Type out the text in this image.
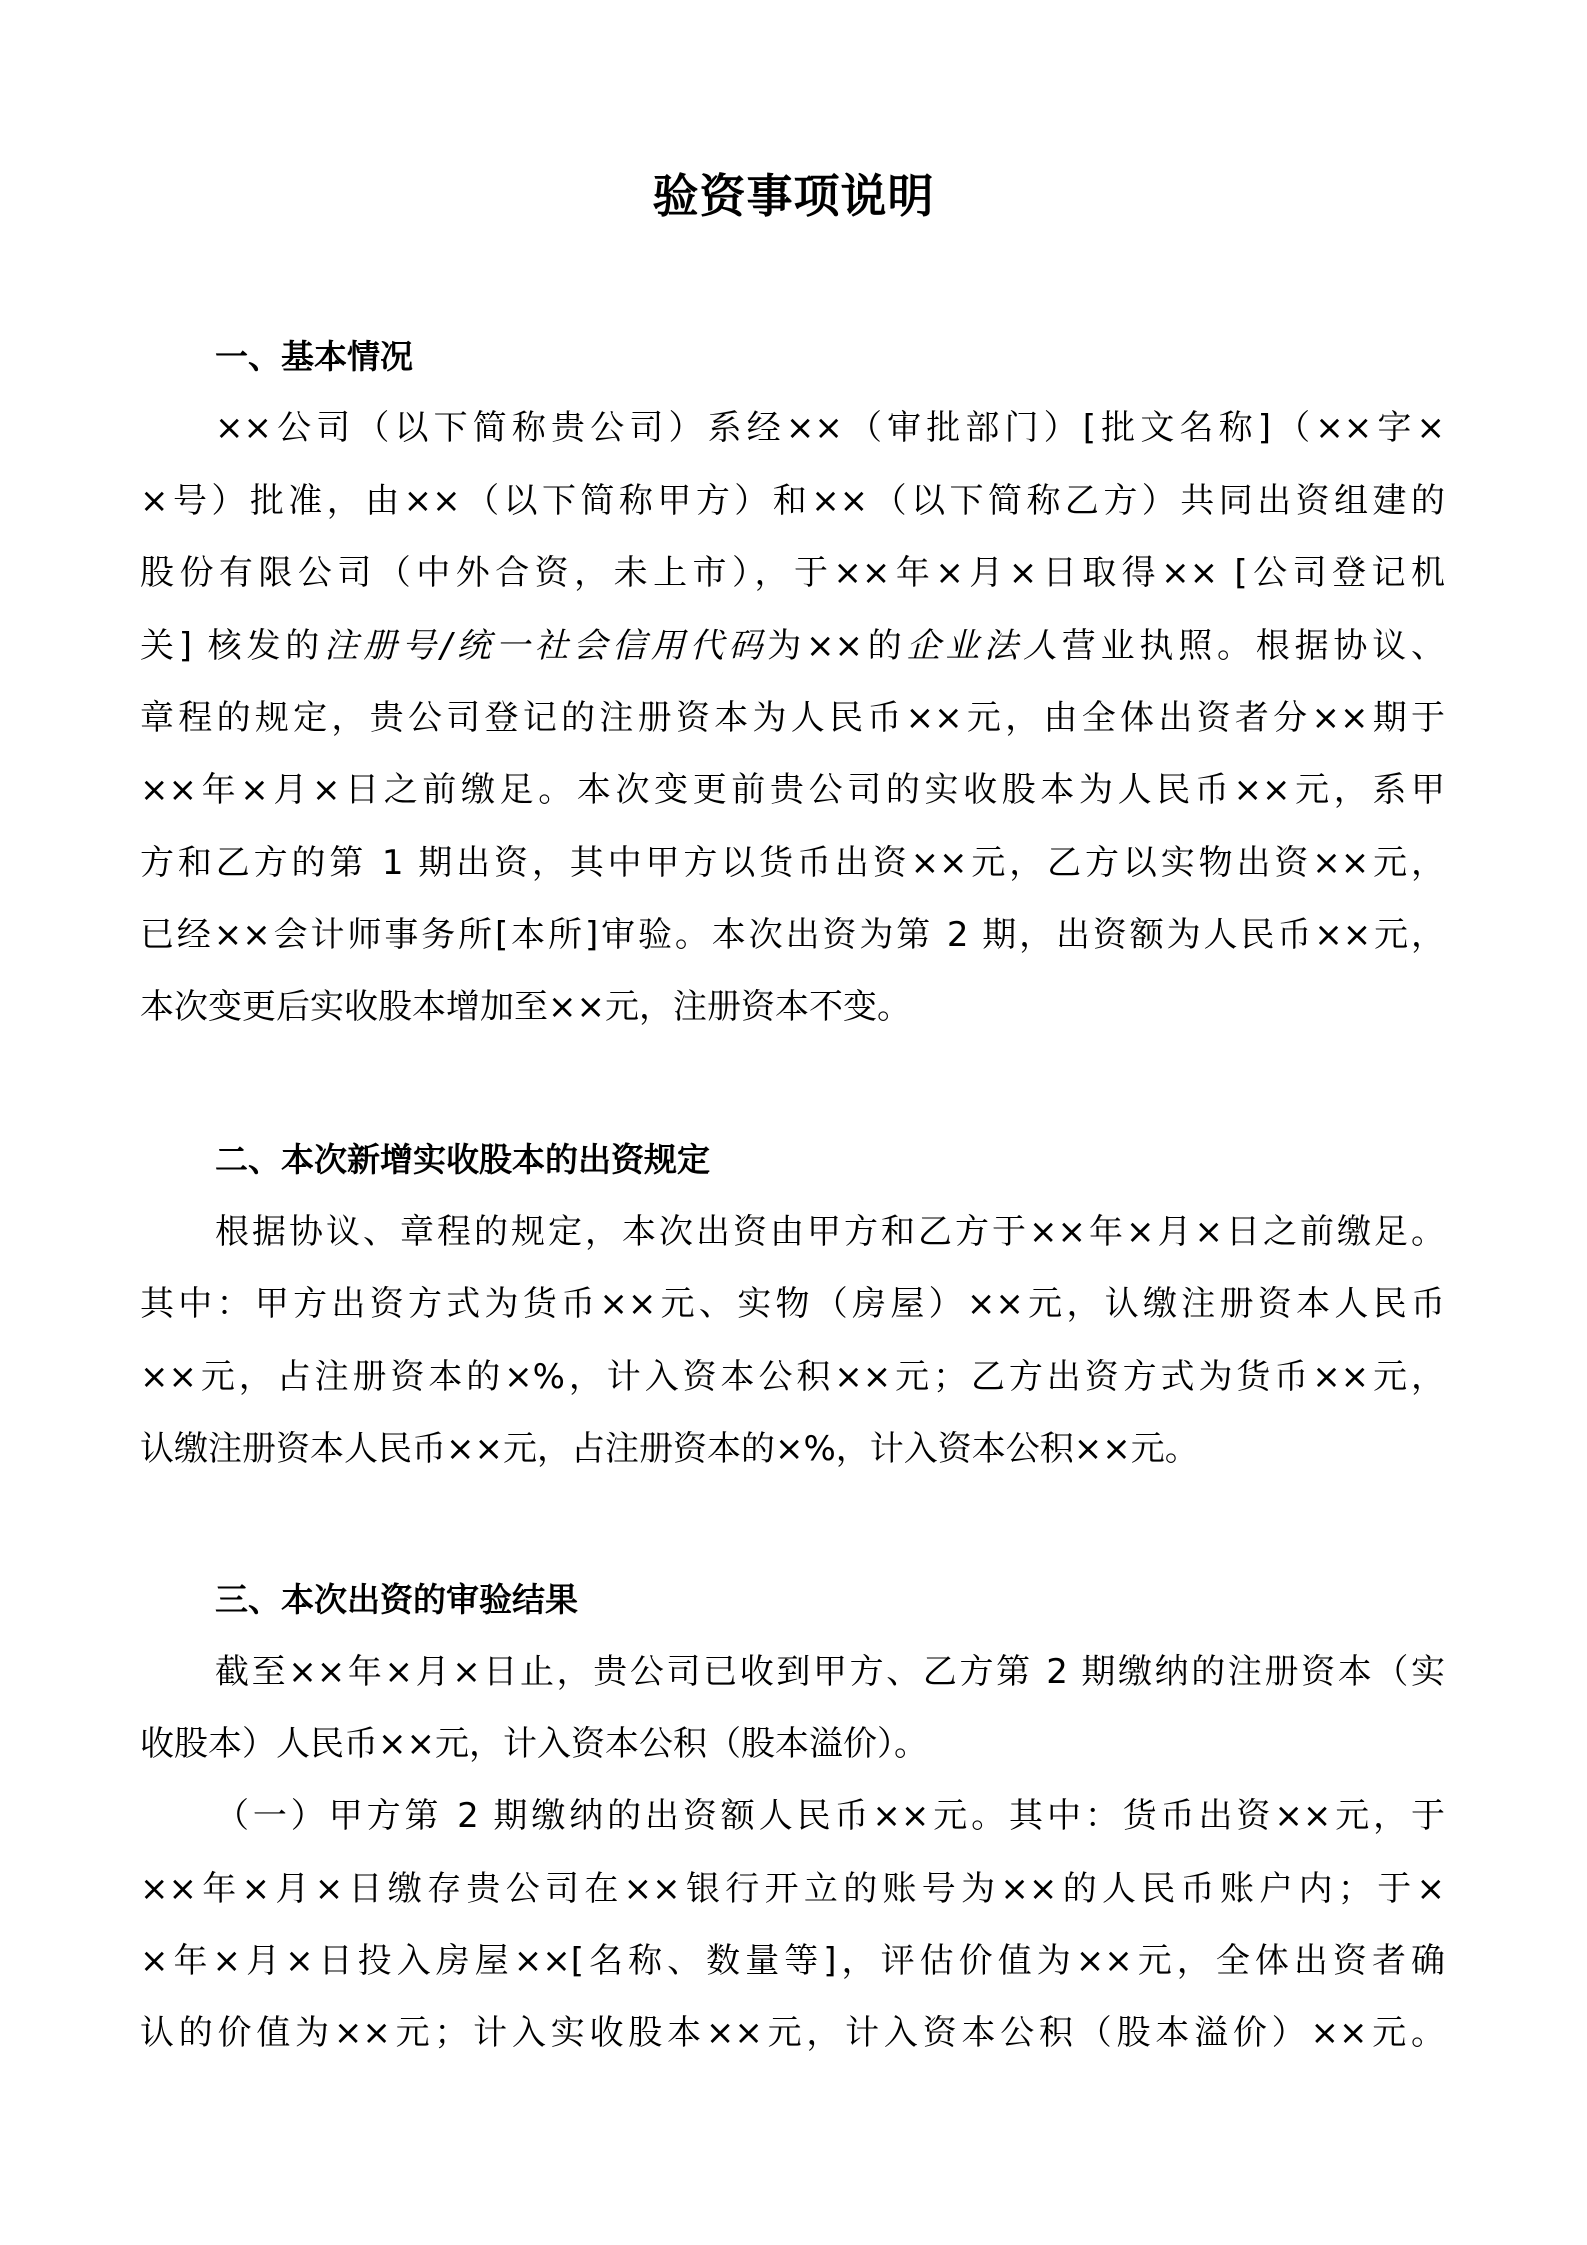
验资事项说明
一、基本情况
××公司（以下简称贵公司）系经××（审批部门）[批文名称]（××字×
×号）批准，由××（以下简称甲方）和××（以下简称乙方）共同出资组建的
股份有限公司（中外合资，未上市），于××年×月×日取得×× [公司登记机
关] 核发的注册号/统一社会信用代码为××的企业法人营业执照。根据协议、
章程的规定，贵公司登记的注册资本为人民币××元，由全体出资者分××期于
××年×月×日之前缴足。本次变更前贵公司的实收股本为人民币××元，系甲
方和乙方的第 1 期出资，其中甲方以货币出资××元，乙方以实物出资××元，
已经××会计师事务所[本所]审验。本次出资为第 2 期，出资额为人民币××元，
本次变更后实收股本增加至××元，注册资本不变。
二、本次新增实收股本的出资规定
根据协议、章程的规定，本次出资由甲方和乙方于××年×月×日之前缴足。
其中：甲方出资方式为货币××元、实物（房屋）××元，认缴注册资本人民币
××元，占注册资本的×%，计入资本公积××元；乙方出资方式为货币××元，
认缴注册资本人民币××元，占注册资本的×%，计入资本公积××元。
三、本次出资的审验结果
截至××年×月×日止，贵公司已收到甲方、乙方第 2 期缴纳的注册资本（实
收股本）人民币××元，计入资本公积（股本溢价）。
（一）甲方第 2 期缴纳的出资额人民币××元。其中：货币出资××元，于
××年×月×日缴存贵公司在××银行开立的账号为××的人民币账户内；于×
×年×月×日投入房屋××[名称、数量等]，评估价值为××元，全体出资者确
认的价值为××元；计入实收股本××元，计入资本公积（股本溢价）××元。
